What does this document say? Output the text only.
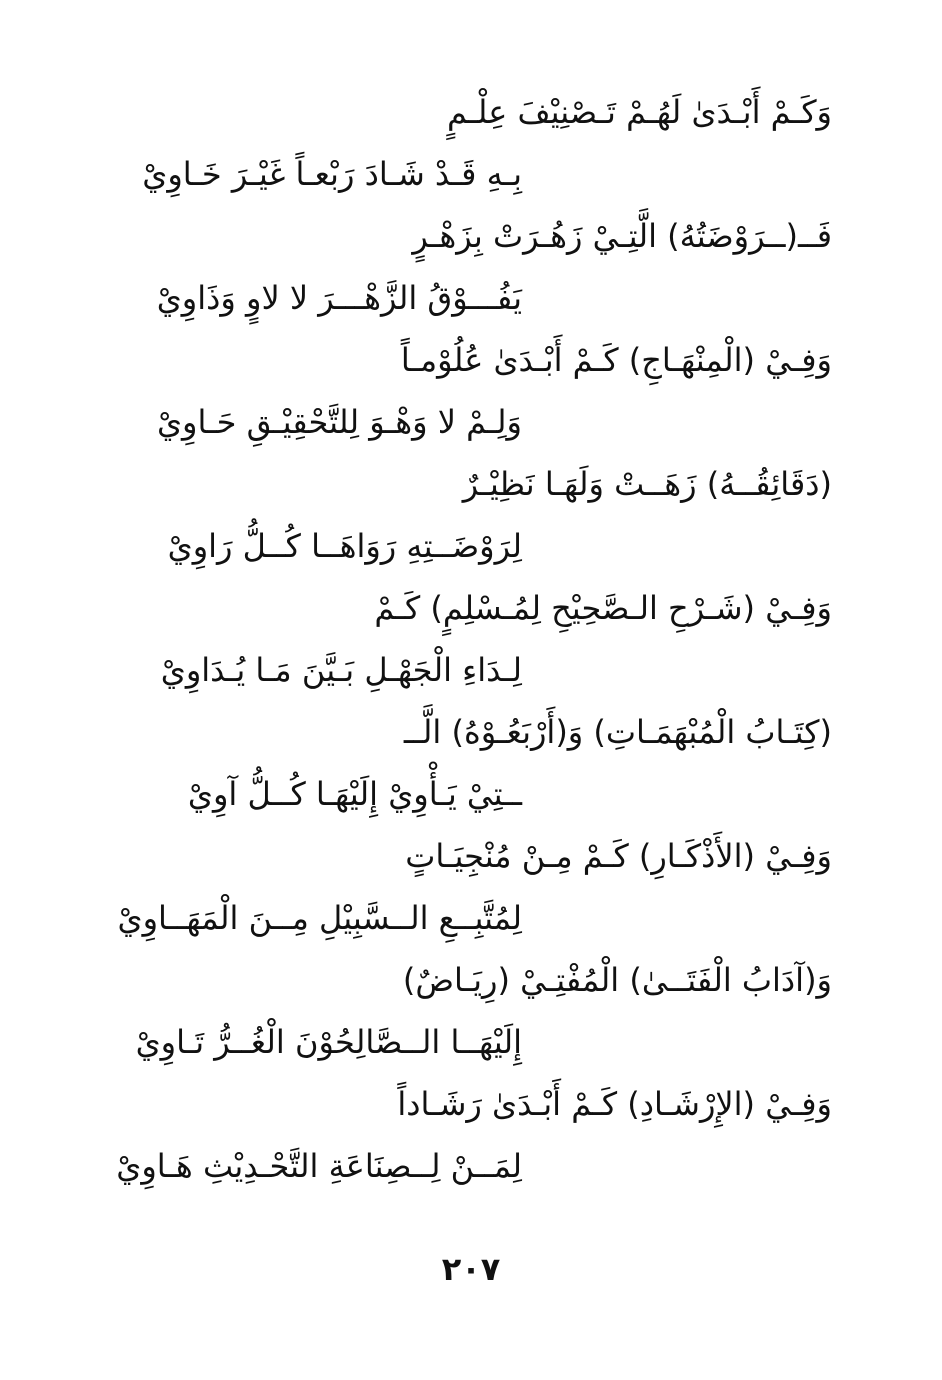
وَكَـمْ أَبْـدَىٰ لَهُـمْ تَـصْنِيْفَ عِلْـمٍ
بِـهِ قَـدْ شَـادَ رَبْعـاً غَيْـرَ خَـاوِيْ
فَــ(ــرَوْضَتُهُ) الَّتِـيْ زَهُـرَتْ بِزَهْـرٍ
يَفُـــوْقُ الزَّهْـــرَ لا لاوٍ وَذَاوِيْ
وَفِـيْ (الْمِنْهَـاجِ) كَـمْ أَبْـدَىٰ عُلُوْمـاً
وَلِـمْ لا وَهْـوَ لِلتَّحْقِيْـقِ حَـاوِيْ
(دَقَائِقُــهُ) زَهَــتْ وَلَهَـا نَظِيْـرٌ
لِرَوْضَــتِهِ رَوَاهَــا كُــلُّ رَاوِيْ
وَفِـيْ (شَـرْحِ الـصَّحِيْحِ لِمُـسْلِمٍ) كَـمْ
لِـدَاءِ الْجَهْـلِ بَـيَّنَ مَـا يُـدَاوِيْ
(كِتَـابُ الْمُبْهَمَـاتِ) وَ(أَرْبَعُـوْهُ) الَّــ
ــتِيْ يَـأْوِيْ إِلَيْهَـا كُــلُّ آوِيْ
وَفِـيْ (الأَذْكَـارِ) كَـمْ مِـنْ مُنْجِيَـاتٍ
لِمُتَّبِــعِ الــسَّبِيْلِ مِــنَ الْمَهَــاوِيْ
وَ(آدَابُ الْفَتَــىٰ) الْمُفْتِـيْ (رِيَـاضٌ)
إِلَيْهَــا الــصَّالِحُوْنَ الْغُــرُّ تَـاوِيْ
وَفِـيْ (الإِرْشَـادِ) كَـمْ أَبْـدَىٰ رَشَـاداً
لِمَــنْ لِــصِنَاعَةِ التَّحْـدِيْثِ هَـاوِيْ
٢٠٧
